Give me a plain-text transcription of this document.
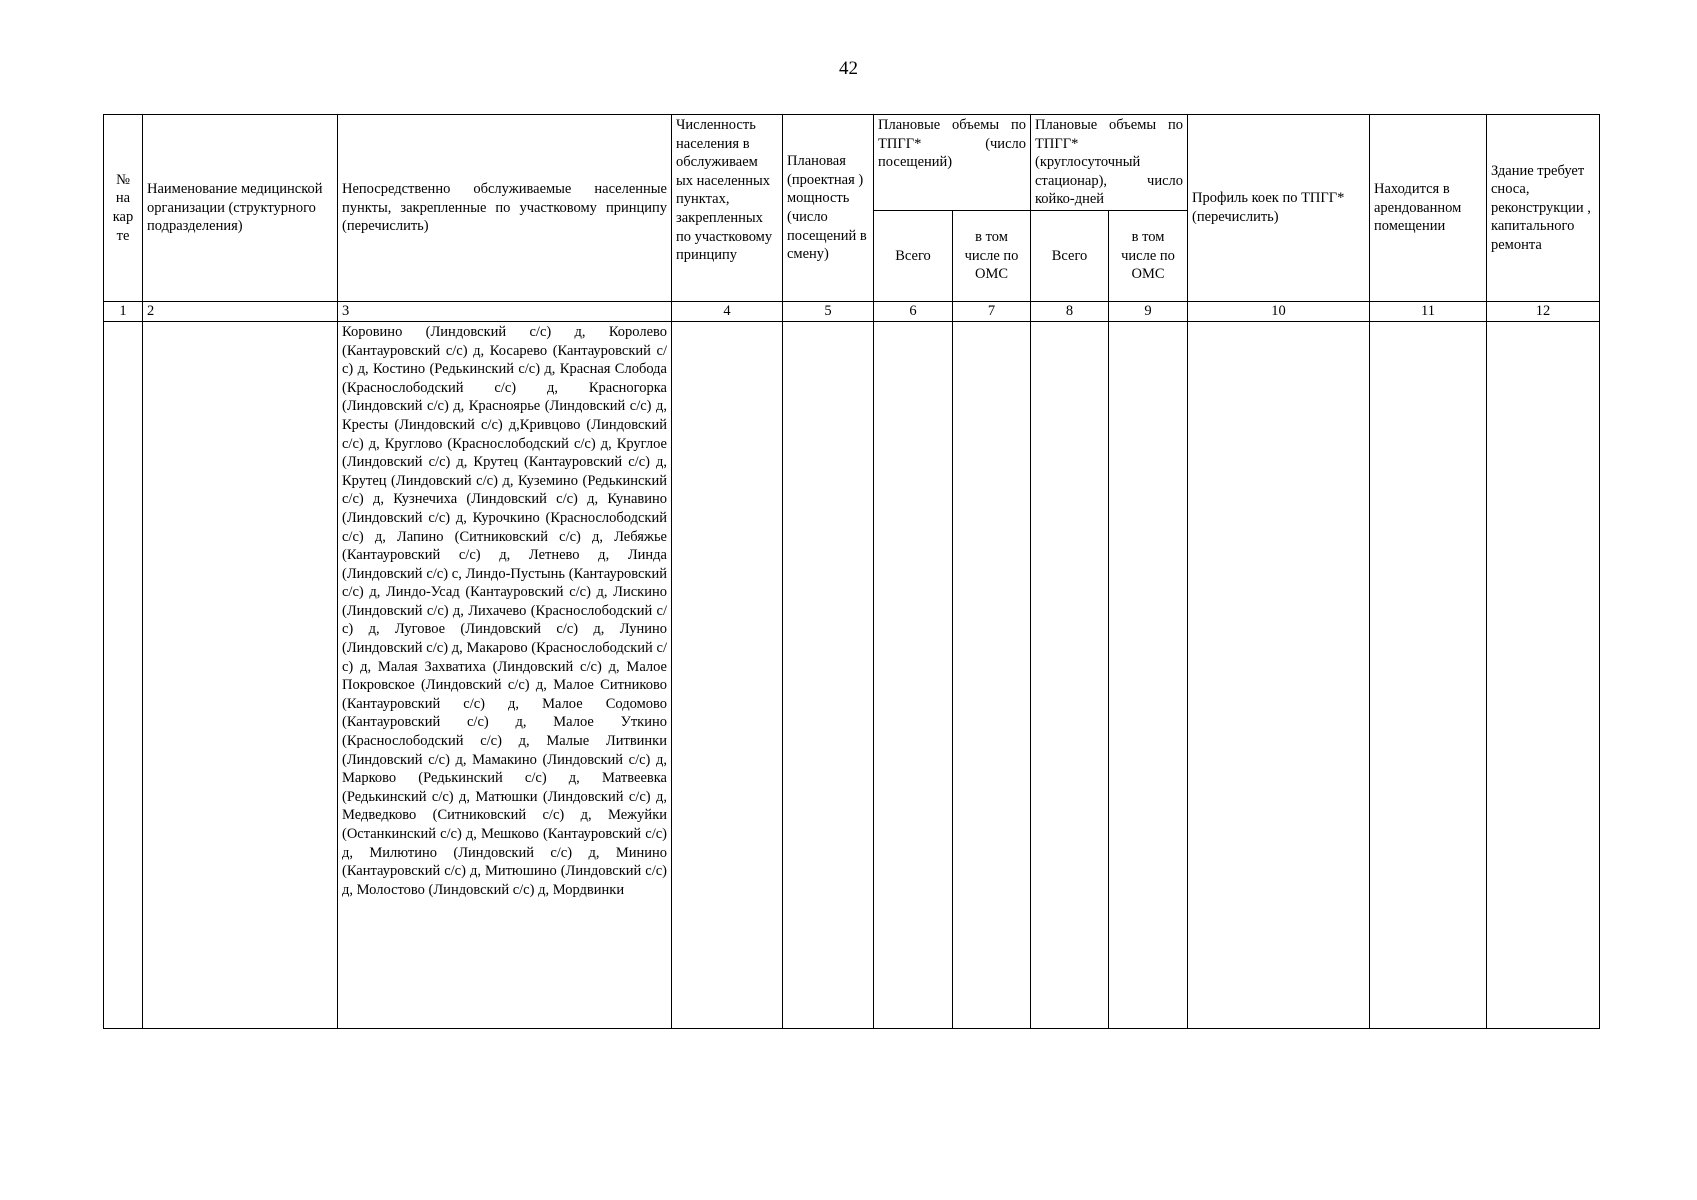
42
№ на кар те	Наименование медицинской организации (структурного подразделения)	Непосредственно обслуживаемые населенные пункты, закрепленные по участковому принципу (перечислить)	Численность населения в обслуживаем ых населенных пунктах, закрепленных по участковому принципу	Плановая (проектная ) мощность (число посещений в смену)	Плановые объемы по ТПГГ* (число посещений)		Плановые объемы по ТПГГ* (круглосуточный стационар), число койко-дней		Профиль коек по ТПГГ* (перечислить)	Находится в арендованном помещении	Здание требует сноса, реконструкции , капитального ремонта
					Всего	в том числе по ОМС	Всего	в том числе по ОМС			
1	2	3	4	5	6	7	8	9	10	11	12

		Коровино (Линдовский с/с) д, Королево (Кантауровский с/с) д, Косарево (Кантауровский с/с) д, Костино (Редькинский с/с) д, Красная Слобода (Краснослободский с/с) д, Красногорка (Линдовский с/с) д, Красноярье (Линдовский с/с) д, Кресты (Линдовский с/с) д,Кривцово (Линдовский с/с) д, Круглово (Краснослободский с/с) д, Круглое (Линдовский с/с) д, Крутец (Кантауровский с/с) д, Крутец (Линдовский с/с) д, Куземино (Редькинский с/с) д, Кузнечиха (Линдовский с/с) д, Кунавино (Линдовский с/с) д, Курочкино (Краснослободский с/с) д, Лапино (Ситниковский с/с) д, Лебяжье (Кантауровский с/с) д, Летнево д, Линда (Линдовский с/с) с, Линдо-Пустынь (Кантауровский с/с) д, Линдо-Усад (Кантауровский с/с) д, Лискино (Линдовский с/с) д, Лихачево (Краснослободский с/с) д, Луговое (Линдовский с/с) д, Лунино (Линдовский с/с) д, Макарово (Краснослободский с/с) д, Малая Захватиха (Линдовский с/с) д, Малое Покровское (Линдовский с/с) д, Малое Ситниково (Кантауровский с/с) д, Малое Содомово (Кантауровский с/с) д, Малое Уткино (Краснослободский с/с) д, Малые Литвинки (Линдовский с/с) д, Мамакино (Линдовский с/с) д, Марково (Редькинский с/с) д, Матвеевка (Редькинский с/с) д, Матюшки (Линдовский с/с) д, Медведково (Ситниковский с/с) д, Межуйки (Останкинский с/с) д, Мешково (Кантауровский с/с) д, Милютино (Линдовский с/с) д, Минино (Кантауровский с/с) д, Митюшино (Линдовский с/с) д, Молостово (Линдовский с/с) д, Мордвинки									
